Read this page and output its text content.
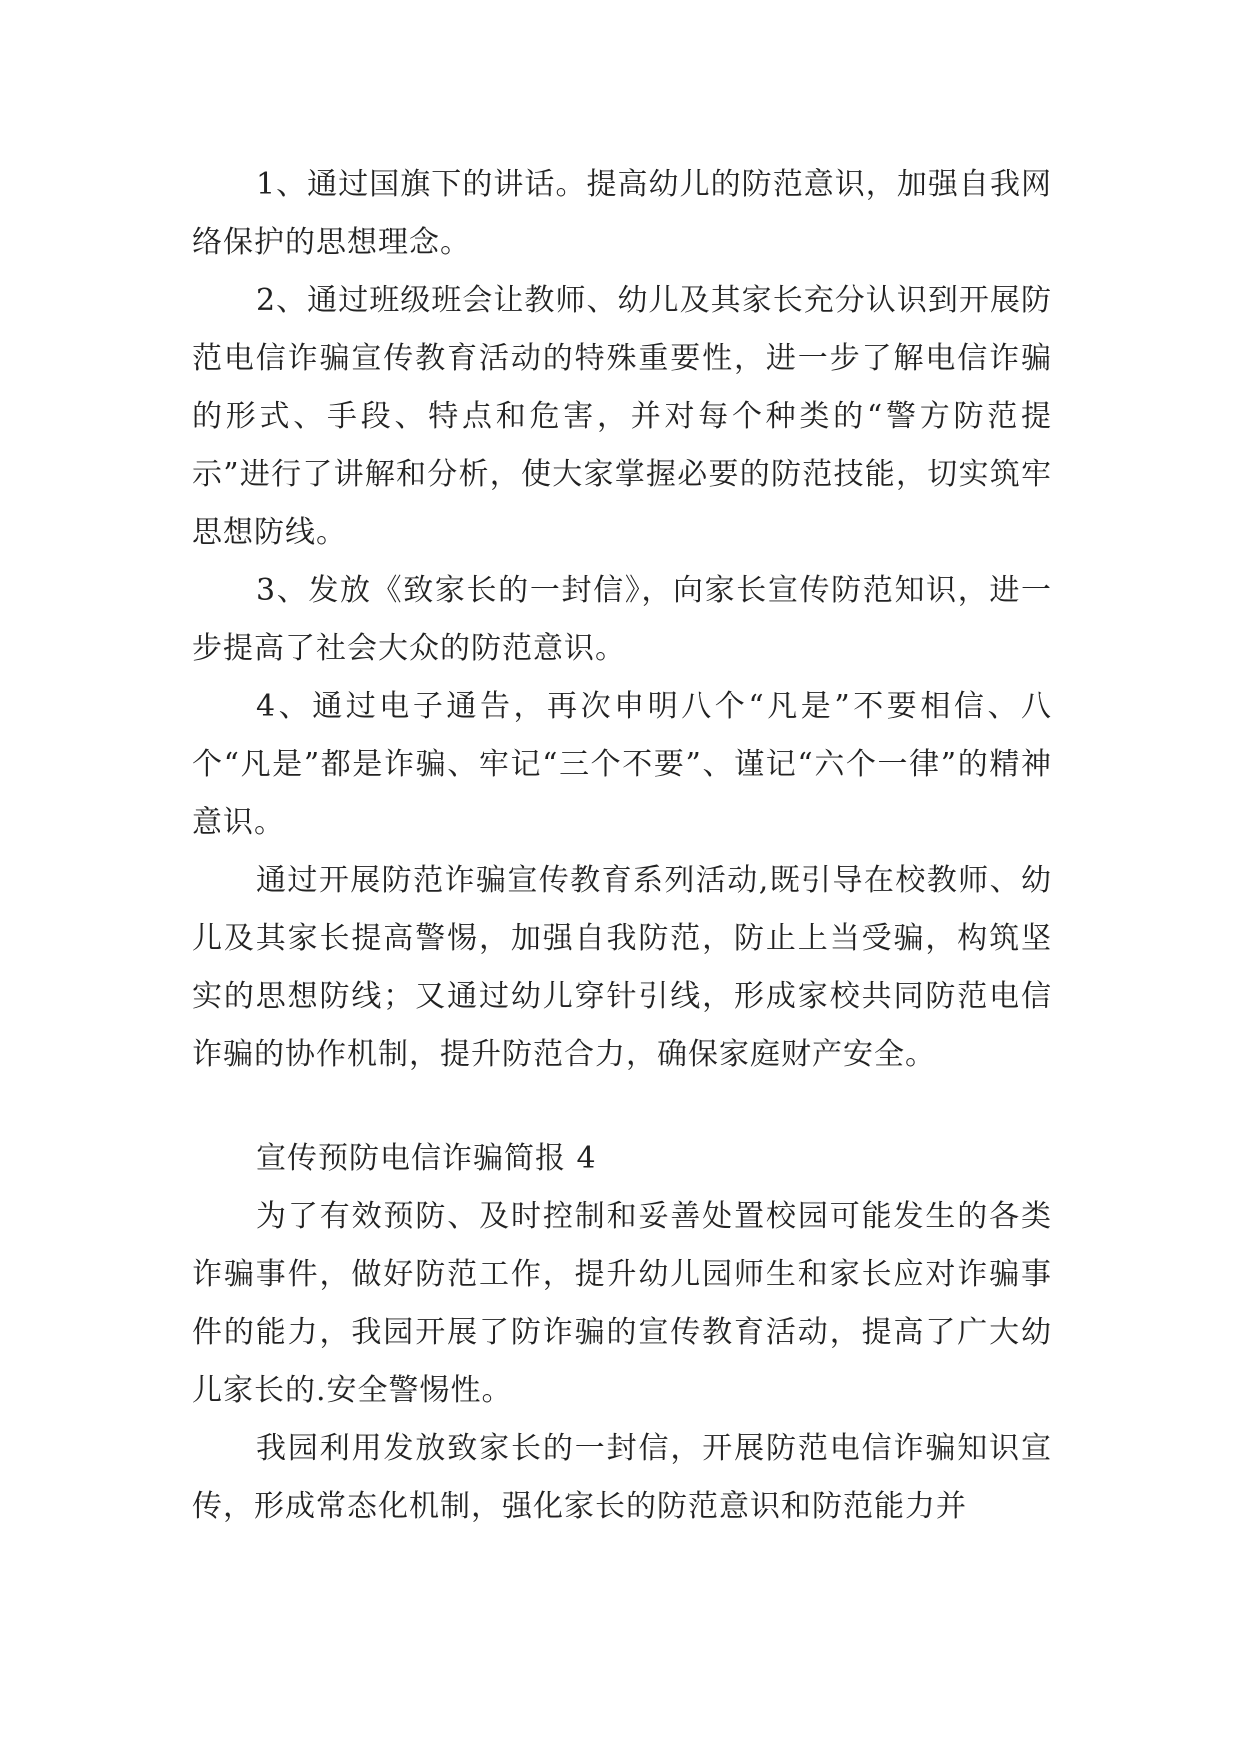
1、通过国旗下的讲话。提高幼儿的防范意识，加强自我网络保护的思想理念。

2、通过班级班会让教师、幼儿及其家长充分认识到开展防范电信诈骗宣传教育活动的特殊重要性，进一步了解电信诈骗的形式、手段、特点和危害，并对每个种类的“警方防范提示”进行了讲解和分析，使大家掌握必要的防范技能，切实筑牢思想防线。

3、发放《致家长的一封信》，向家长宣传防范知识，进一步提高了社会大众的防范意识。

4、通过电子通告，再次申明八个“凡是”不要相信、八个“凡是”都是诈骗、牢记“三个不要”、谨记“六个一律”的精神意识。

通过开展防范诈骗宣传教育系列活动,既引导在校教师、幼儿及其家长提高警惕，加强自我防范，防止上当受骗，构筑坚实的思想防线；又通过幼儿穿针引线，形成家校共同防范电信诈骗的协作机制，提升防范合力，确保家庭财产安全。

宣传预防电信诈骗简报 4

为了有效预防、及时控制和妥善处置校园可能发生的各类诈骗事件，做好防范工作，提升幼儿园师生和家长应对诈骗事件的能力，我园开展了防诈骗的宣传教育活动，提高了广大幼儿家长的.安全警惕性。

我园利用发放致家长的一封信，开展防范电信诈骗知识宣传，形成常态化机制，强化家长的防范意识和防范能力并
